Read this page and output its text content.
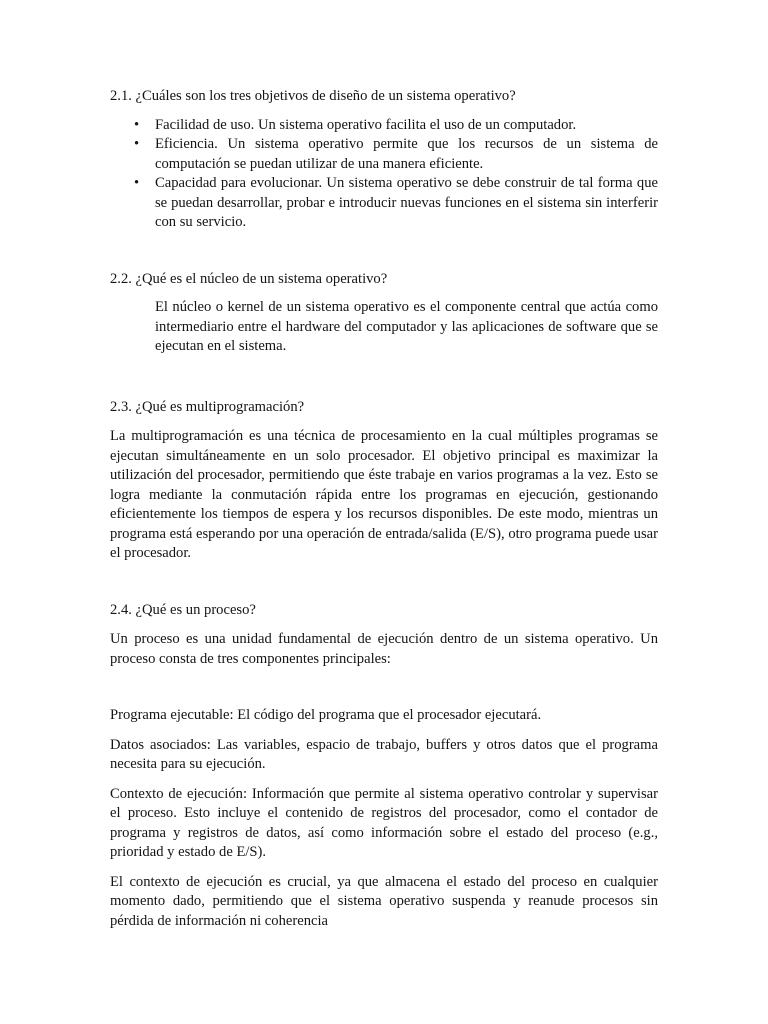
2.1. ¿Cuáles son los tres objetivos de diseño de un sistema operativo?

• Facilidad de uso. Un sistema operativo facilita el uso de un computador.
• Eficiencia. Un sistema operativo permite que los recursos de un sistema de computación se puedan utilizar de una manera eficiente.
• Capacidad para evolucionar. Un sistema operativo se debe construir de tal forma que se puedan desarrollar, probar e introducir nuevas funciones en el sistema sin interferir con su servicio.

2.2. ¿Qué es el núcleo de un sistema operativo?

El núcleo o kernel de un sistema operativo es el componente central que actúa como intermediario entre el hardware del computador y las aplicaciones de software que se ejecutan en el sistema.

2.3. ¿Qué es multiprogramación?

La multiprogramación es una técnica de procesamiento en la cual múltiples programas se ejecutan simultáneamente en un solo procesador. El objetivo principal es maximizar la utilización del procesador, permitiendo que éste trabaje en varios programas a la vez. Esto se logra mediante la conmutación rápida entre los programas en ejecución, gestionando eficientemente los tiempos de espera y los recursos disponibles. De este modo, mientras un programa está esperando por una operación de entrada/salida (E/S), otro programa puede usar el procesador.

2.4. ¿Qué es un proceso?

Un proceso es una unidad fundamental de ejecución dentro de un sistema operativo. Un proceso consta de tres componentes principales:

Programa ejecutable: El código del programa que el procesador ejecutará.

Datos asociados: Las variables, espacio de trabajo, buffers y otros datos que el programa necesita para su ejecución.

Contexto de ejecución: Información que permite al sistema operativo controlar y supervisar el proceso. Esto incluye el contenido de registros del procesador, como el contador de programa y registros de datos, así como información sobre el estado del proceso (e.g., prioridad y estado de E/S).

El contexto de ejecución es crucial, ya que almacena el estado del proceso en cualquier momento dado, permitiendo que el sistema operativo suspenda y reanude procesos sin pérdida de información ni coherencia
